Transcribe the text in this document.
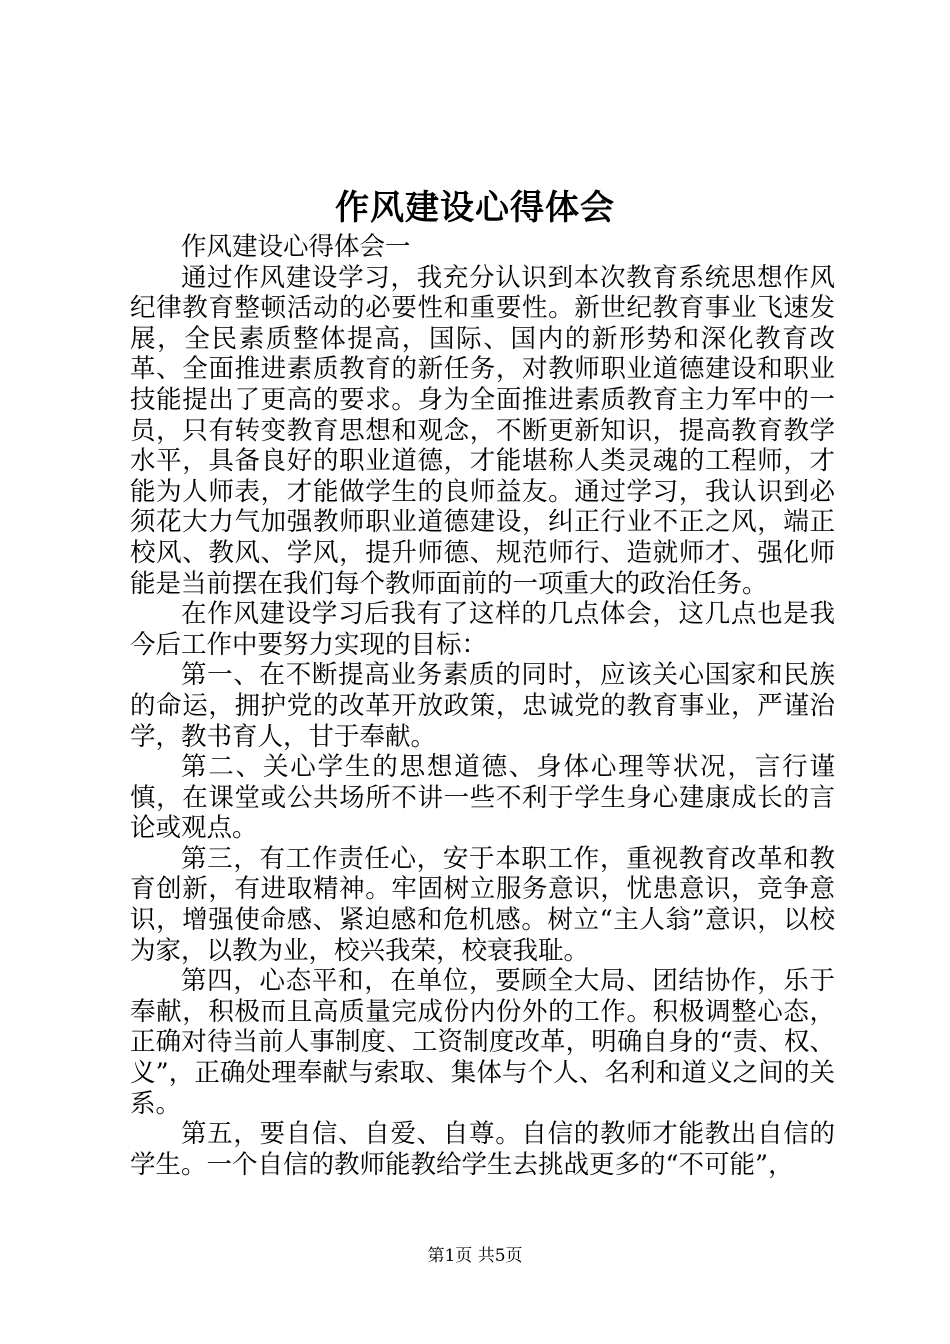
作风建设心得体会

作风建设心得体会一

通过作风建设学习，我充分认识到本次教育系统思想作风纪律教育整顿活动的必要性和重要性。新世纪教育事业飞速发展，全民素质整体提高，国际、国内的新形势和深化教育改革、全面推进素质教育的新任务，对教师职业道德建设和职业技能提出了更高的要求。身为全面推进素质教育主力军中的一员，只有转变教育思想和观念，不断更新知识，提高教育教学水平，具备良好的职业道德，才能堪称人类灵魂的工程师，才能为人师表，才能做学生的良师益友。通过学习，我认识到必须花大力气加强教师职业道德建设，纠正行业不正之风，端正校风、教风、学风，提升师德、规范师行、造就师才、强化师能是当前摆在我们每个教师面前的一项重大的政治任务。

在作风建设学习后我有了这样的几点体会，这几点也是我今后工作中要努力实现的目标：

第一、在不断提高业务素质的同时，应该关心国家和民族的命运，拥护党的改革开放政策，忠诚党的教育事业，严谨治学，教书育人，甘于奉献。

第二、关心学生的思想道德、身体心理等状况，言行谨慎，在课堂或公共场所不讲一些不利于学生身心建康成长的言论或观点。

第三，有工作责任心，安于本职工作，重视教育改革和教育创新，有进取精神。牢固树立服务意识，忧患意识，竞争意识，增强使命感、紧迫感和危机感。树立“主人翁”意识，以校为家，以教为业，校兴我荣，校衰我耻。

第四，心态平和，在单位，要顾全大局、团结协作，乐于奉献，积极而且高质量完成份内份外的工作。积极调整心态，正确对待当前人事制度、工资制度改革，明确自身的“责、权、义”，正确处理奉献与索取、集体与个人、名利和道义之间的关系。

第五，要自信、自爱、自尊。自信的教师才能教出自信的学生。一个自信的教师能教给学生去挑战更多的“不可能”，

第1页 共5页
